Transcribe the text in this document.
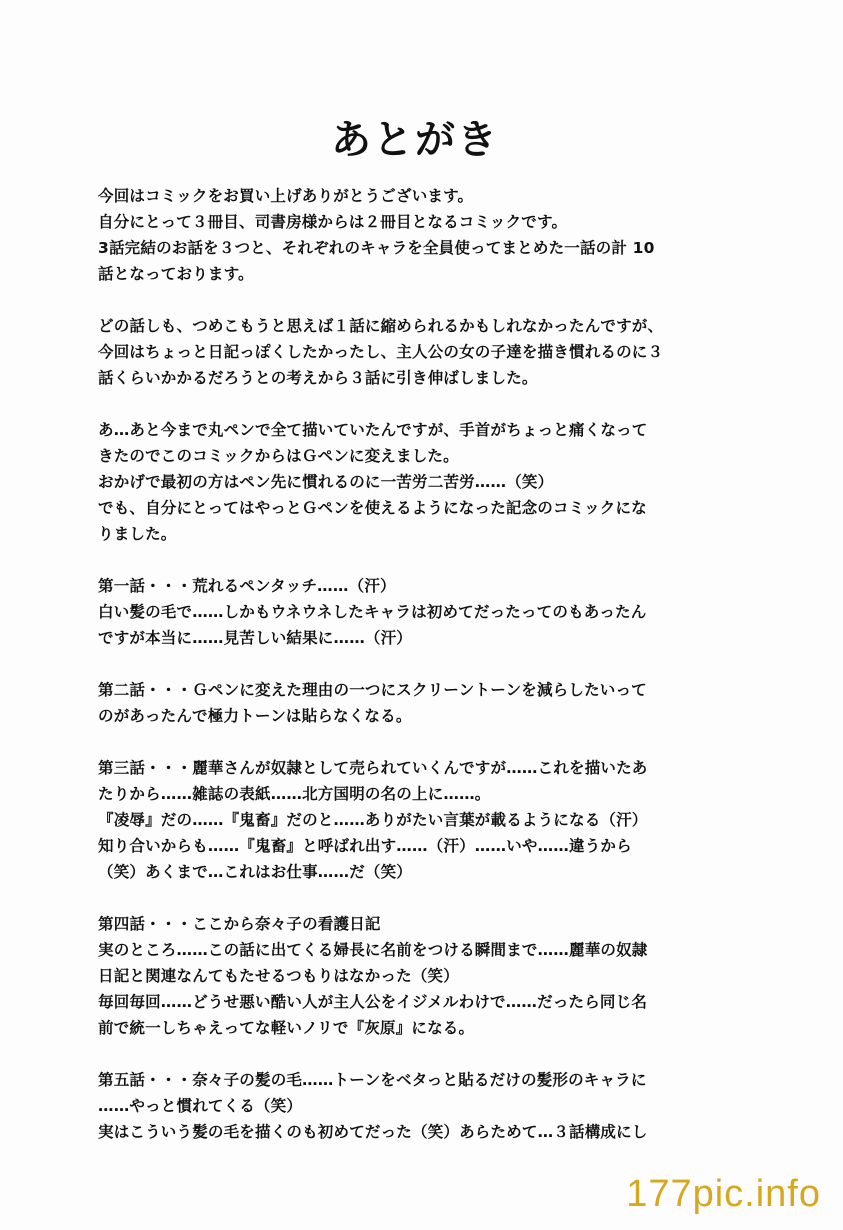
あとがき
今回はコミックをお買い上げありがとうございます。
自分にとって３冊目、司書房様からは２冊目となるコミックです。
3話完結のお話を３つと、それぞれのキャラを全員使ってまとめた一話の計 10
話となっております。
どの話しも、つめこもうと思えば１話に縮められるかもしれなかったんですが、
今回はちょっと日記っぽくしたかったし、主人公の女の子達を描き慣れるのに３
話くらいかかるだろうとの考えから３話に引き伸ばしました。
あ…あと今まで丸ペンで全て描いていたんですが、手首がちょっと痛くなって
きたのでこのコミックからはＧペンに変えました。
おかげで最初の方はペン先に慣れるのに一苦労二苦労……（笑）
でも、自分にとってはやっとＧペンを使えるようになった記念のコミックにな
りました。
第一話・・・荒れるペンタッチ……（汗）
白い髪の毛で……しかもウネウネしたキャラは初めてだったってのもあったん
ですが本当に……見苦しい結果に……（汗）
第二話・・・Ｇペンに変えた理由の一つにスクリーントーンを減らしたいって
のがあったんで極力トーンは貼らなくなる。
第三話・・・麗華さんが奴隷として売られていくんですが……これを描いたあ
たりから……雑誌の表紙……北方国明の名の上に……。
『凌辱』だの……『鬼畜』だのと……ありがたい言葉が載るようになる（汗）
知り合いからも……『鬼畜』と呼ばれ出す……（汗）……いや……違うから
（笑）あくまで…これはお仕事……だ（笑）
第四話・・・ここから奈々子の看護日記
実のところ……この話に出てくる婦長に名前をつける瞬間まで……麗華の奴隷
日記と関連なんてもたせるつもりはなかった（笑）
毎回毎回……どうせ悪い酷い人が主人公をイジメルわけで……だったら同じ名
前で統一しちゃえってな軽いノリで『灰原』になる。
第五話・・・奈々子の髪の毛……トーンをベタっと貼るだけの髪形のキャラに
……やっと慣れてくる（笑）
実はこういう髪の毛を描くのも初めてだった（笑）あらためて…３話構成にし
177pic.info
